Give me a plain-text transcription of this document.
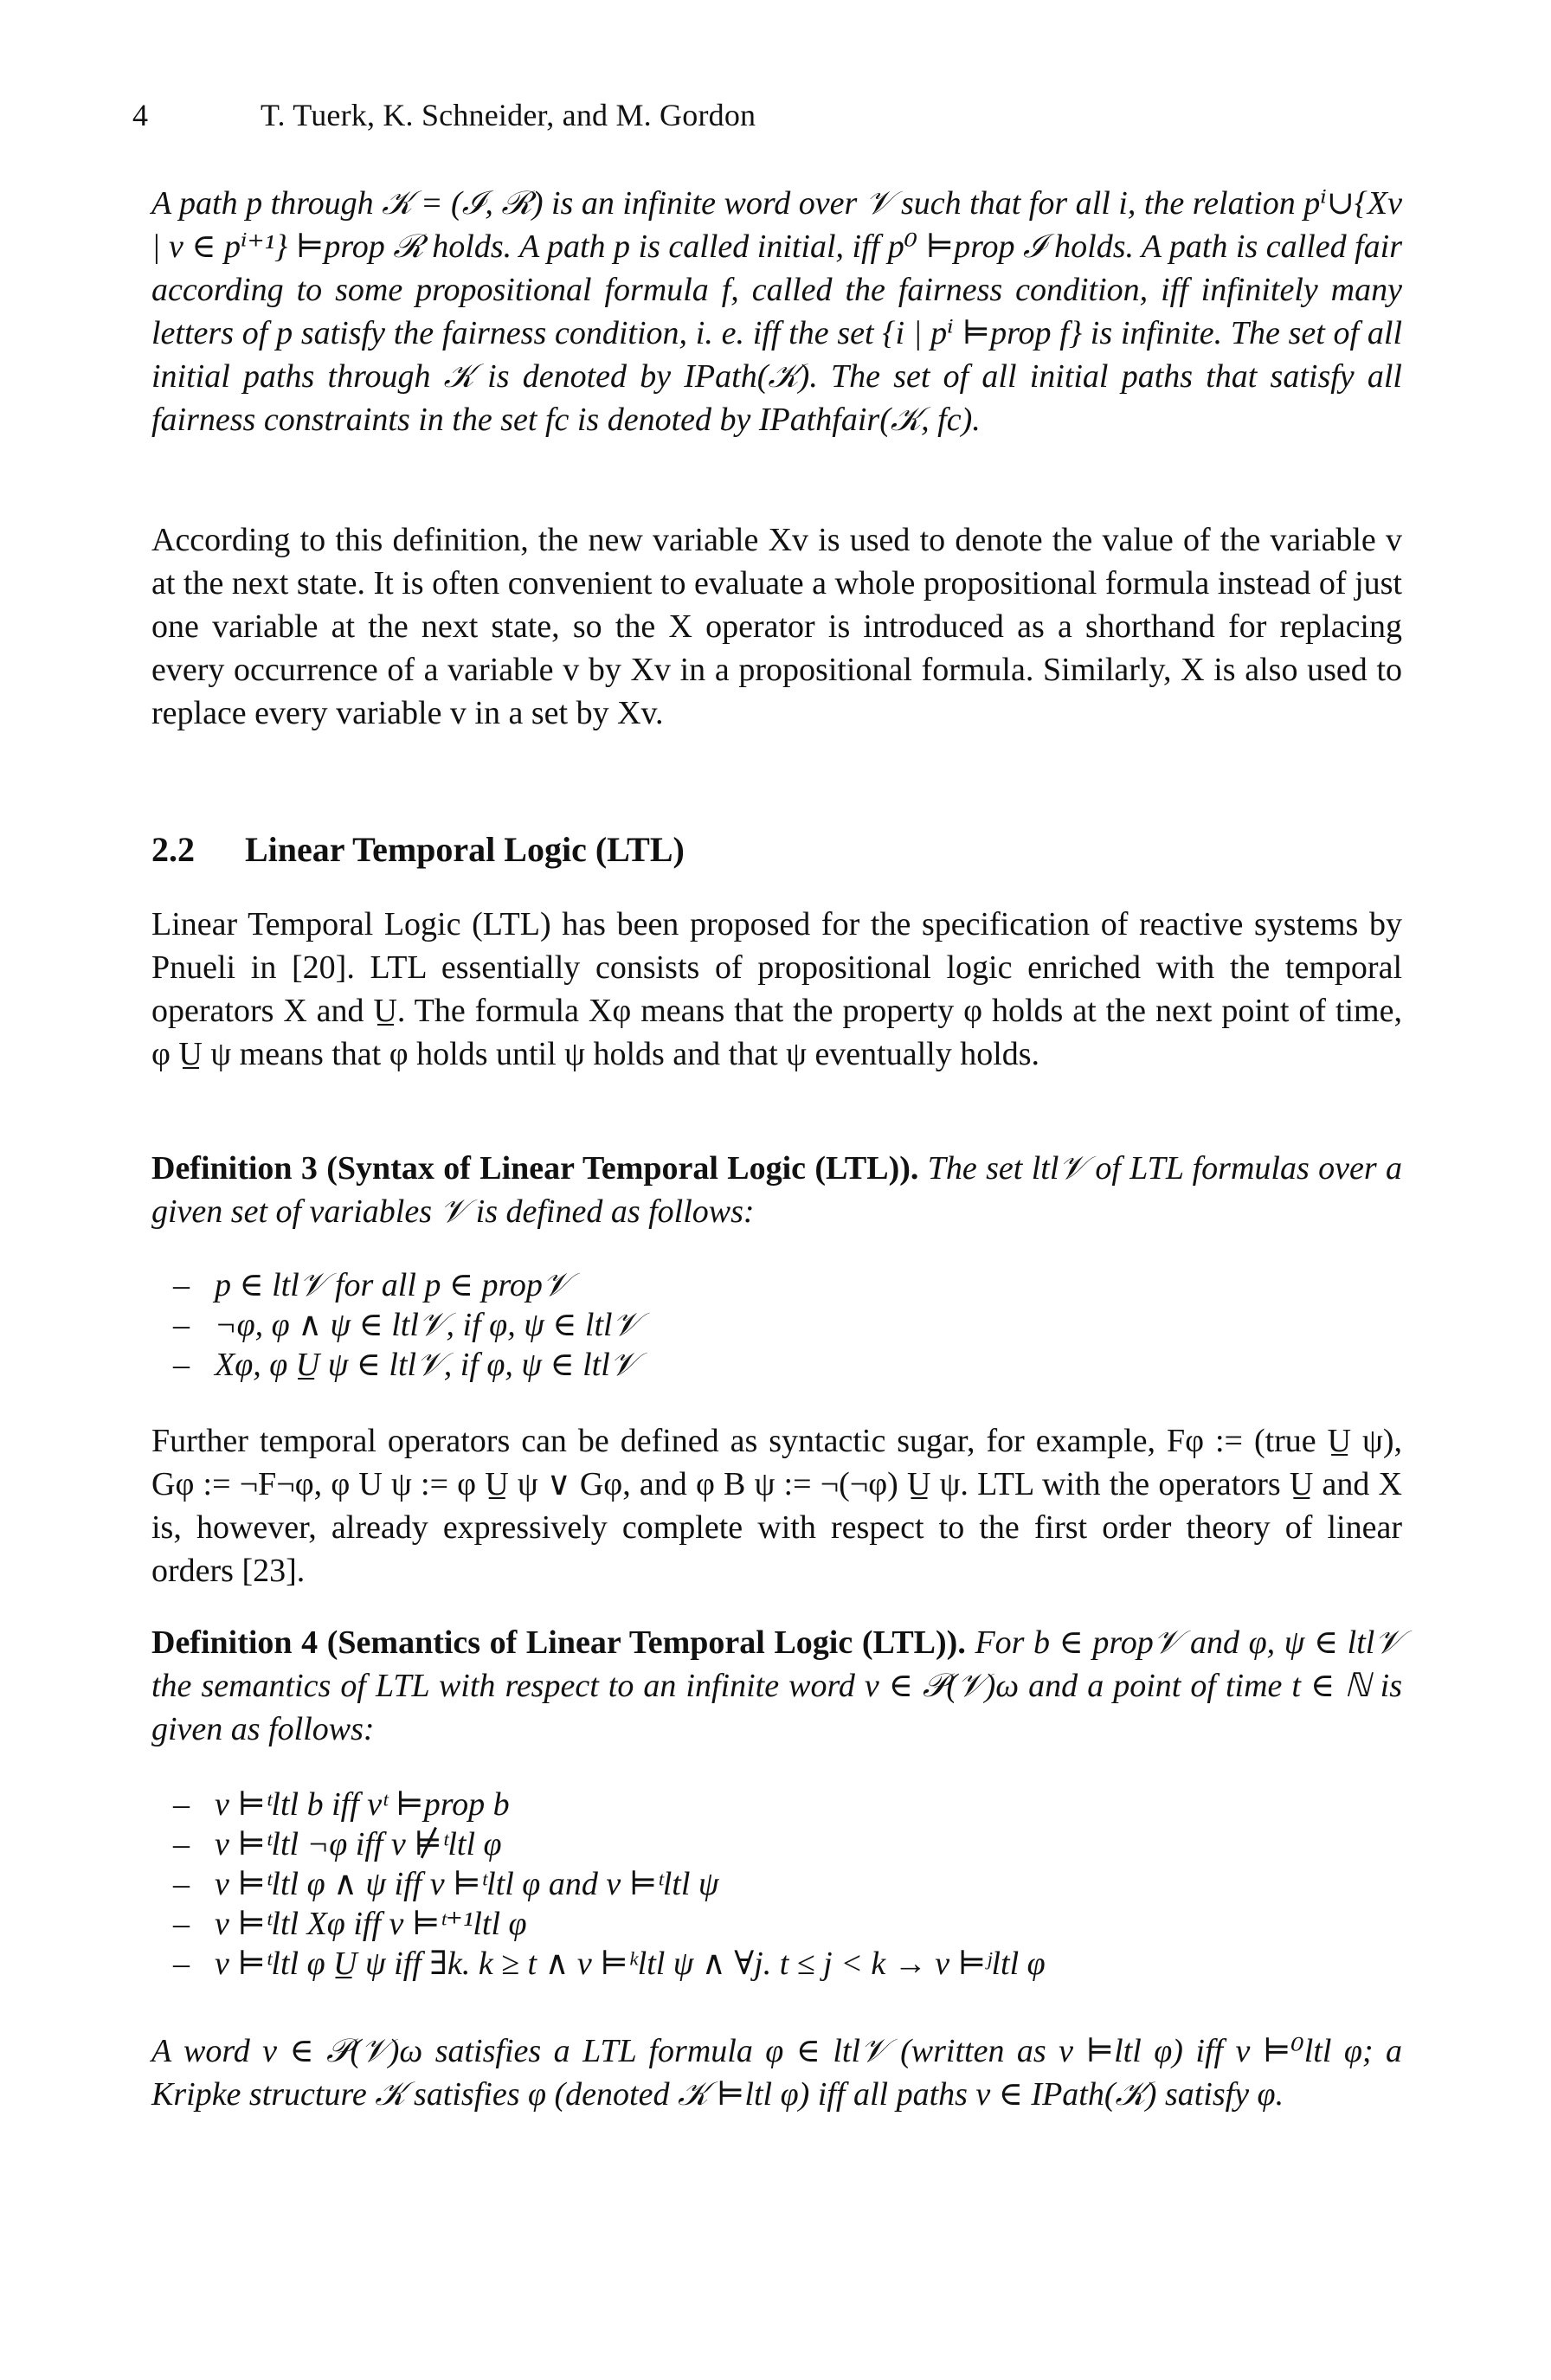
4	T. Tuerk, K. Schneider, and M. Gordon
A path p through 𝒦 = (ℐ, ℛ) is an infinite word over 𝒱 such that for all i, the relation pⁱ∪{Xv | v ∈ pⁱ⁺¹} ⊨prop ℛ holds. A path p is called initial, iff p⁰ ⊨prop ℐ holds. A path is called fair according to some propositional formula f, called the fairness condition, iff infinitely many letters of p satisfy the fairness condition, i. e. iff the set {i | pⁱ ⊨prop f} is infinite. The set of all initial paths through 𝒦 is denoted by IPath(𝒦). The set of all initial paths that satisfy all fairness constraints in the set fc is denoted by IPathfair(𝒦, fc).
According to this definition, the new variable Xv is used to denote the value of the variable v at the next state. It is often convenient to evaluate a whole propositional formula instead of just one variable at the next state, so the X operator is introduced as a shorthand for replacing every occurrence of a variable v by Xv in a propositional formula. Similarly, X is also used to replace every variable v in a set by Xv.
2.2 Linear Temporal Logic (LTL)
Linear Temporal Logic (LTL) has been proposed for the specification of reactive systems by Pnueli in [20]. LTL essentially consists of propositional logic enriched with the temporal operators X and U̲. The formula Xφ means that the property φ holds at the next point of time, φ U̲ ψ means that φ holds until ψ holds and that ψ eventually holds.
Definition 3 (Syntax of Linear Temporal Logic (LTL)). The set ltl𝒱 of LTL formulas over a given set of variables 𝒱 is defined as follows:
– p ∈ ltl𝒱 for all p ∈ prop𝒱
– ¬φ, φ ∧ ψ ∈ ltl𝒱, if φ, ψ ∈ ltl𝒱
– Xφ, φ U̲ ψ ∈ ltl𝒱, if φ, ψ ∈ ltl𝒱
Further temporal operators can be defined as syntactic sugar, for example, Fφ := (true U̲ ψ), Gφ := ¬F¬φ, φ U ψ := φ U̲ ψ ∨ Gφ, and φ B ψ := ¬(¬φ) U̲ ψ. LTL with the operators U̲ and X is, however, already expressively complete with respect to the first order theory of linear orders [23].
Definition 4 (Semantics of Linear Temporal Logic (LTL)). For b ∈ prop𝒱 and φ, ψ ∈ ltl𝒱 the semantics of LTL with respect to an infinite word v ∈ 𝒫(𝒱)ω and a point of time t ∈ ℕ is given as follows:
– v ⊨ᵗltl b iff vᵗ ⊨prop b
– v ⊨ᵗltl ¬φ iff v ⊭ᵗltl φ
– v ⊨ᵗltl φ ∧ ψ iff v ⊨ᵗltl φ and v ⊨ᵗltl ψ
– v ⊨ᵗltl Xφ iff v ⊨ᵗ⁺¹ltl φ
– v ⊨ᵗltl φ U̲ ψ iff ∃k. k ≥ t ∧ v ⊨ᵏltl ψ ∧ ∀j. t ≤ j < k → v ⊨ʲltl φ
A word v ∈ 𝒫(𝒱)ω satisfies a LTL formula φ ∈ ltl𝒱 (written as v ⊨ltl φ) iff v ⊨⁰ltl φ; a Kripke structure 𝒦 satisfies φ (denoted 𝒦 ⊨ltl φ) iff all paths v ∈ IPath(𝒦) satisfy φ.
